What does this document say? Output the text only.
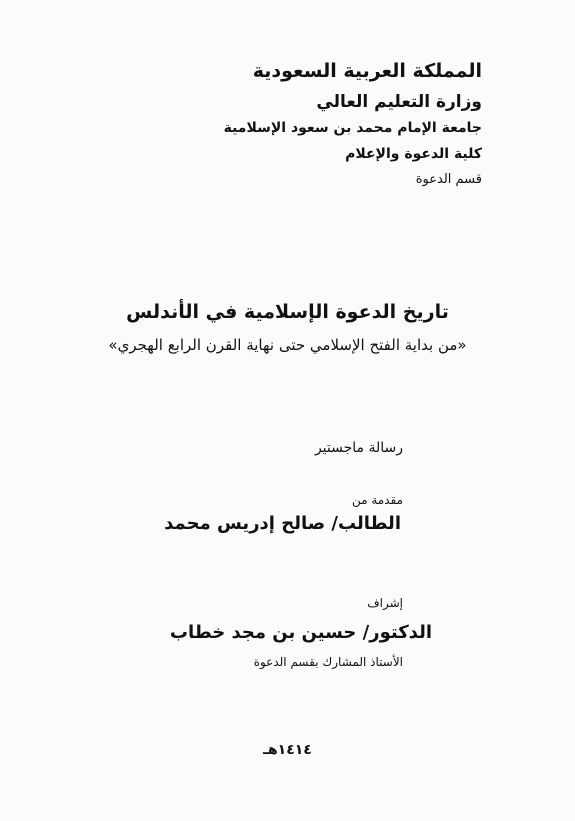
المملكة العربية السعودية
وزارة التعليم العالي
جامعة الإمام محمد بن سعود الإسلامية
كلية الدعوة والإعلام
قسم الدعوة
تاريخ الدعوة الإسلامية في الأندلس
«من بداية الفتح الإسلامي حتى نهاية القرن الرابع الهجري»
رسالة ماجستير
مقدمة من
الطالب/ صالح إدريس محمد
إشراف
الدكتور/ حسين بن مجد خطاب
الأستاذ المشارك بقسم الدعوة
١٤١٤هـ
